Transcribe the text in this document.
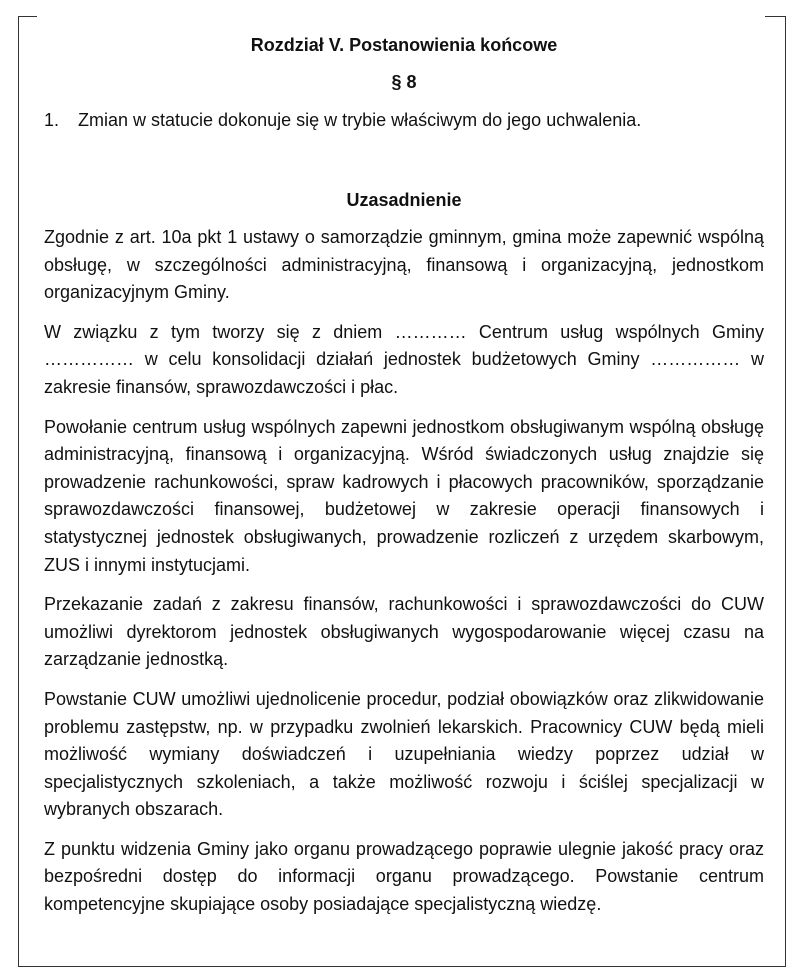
Rozdział V. Postanowienia końcowe
§ 8
1.	Zmian w statucie dokonuje się w trybie właściwym do jego uchwalenia.
Uzasadnienie

Zgodnie z art. 10a pkt 1 ustawy o samorządzie gminnym, gmina może zapewnić wspólną obsługę, w szczególności administracyjną, finansową i organizacyjną, jednostkom organizacyjnym Gminy.

W związku z tym tworzy się z dniem ………… Centrum usług wspólnych Gminy …………… w celu konsolidacji działań jednostek budżetowych Gminy …………… w zakresie finansów, sprawozdawczości i płac.

Powołanie centrum usług wspólnych zapewni jednostkom obsługiwanym wspólną obsługę administracyjną, finansową i organizacyjną. Wśród świadczonych usług znajdzie się prowadzenie rachunkowości, spraw kadrowych i płacowych pracowników, sporządzanie sprawozdawczości finansowej, budżetowej w zakresie operacji finansowych i statystycznej jednostek obsługiwanych, prowadzenie rozliczeń z urzędem skarbowym, ZUS i innymi instytucjami.

Przekazanie zadań z zakresu finansów, rachunkowości i sprawozdawczości do CUW umożliwi dyrektorom jednostek obsługiwanych wygospodarowanie więcej czasu na zarządzanie jednostką.

Powstanie CUW umożliwi ujednolicenie procedur, podział obowiązków oraz zlikwidowanie problemu zastępstw, np. w przypadku zwolnień lekarskich. Pracownicy CUW będą mieli możliwość wymiany doświadczeń i uzupełniania wiedzy poprzez udział w specjalistycznych szkoleniach, a także możliwość rozwoju i ściślej specjalizacji w wybranych obszarach.

Z punktu widzenia Gminy jako organu prowadzącego poprawie ulegnie jakość pracy oraz bezpośredni dostęp do informacji organu prowadzącego. Powstanie centrum kompetencyjne skupiające osoby posiadające specjalistyczną wiedzę.
